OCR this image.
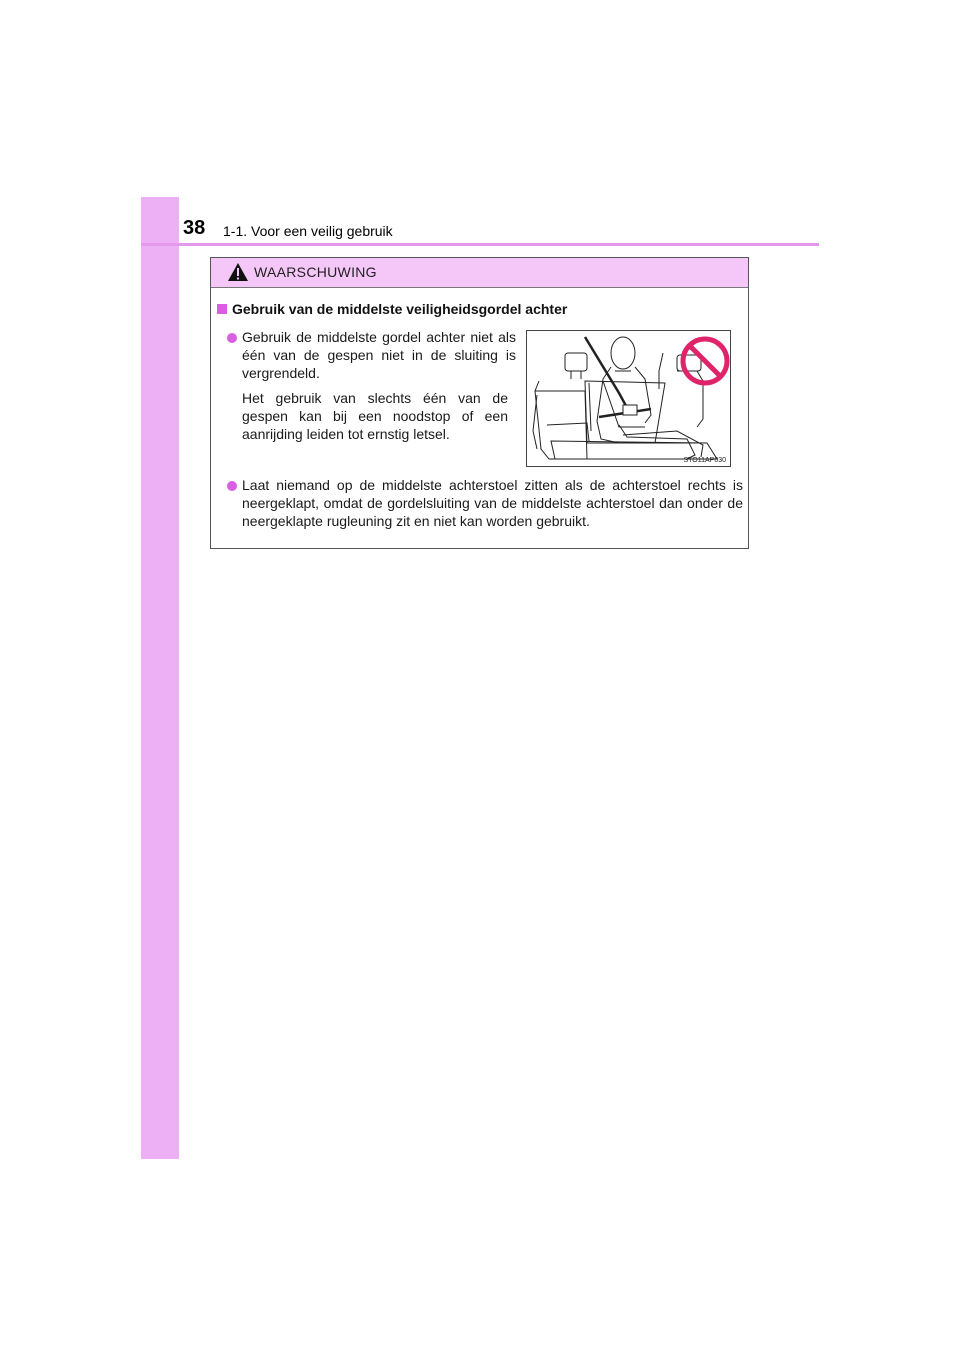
38 1-1. Voor een veilig gebruik
WAARSCHUWING
Gebruik van de middelste veiligheidsgordel achter
Gebruik de middelste gordel achter niet als één van de gespen niet in de sluiting is vergrendeld.
Het gebruik van slechts één van de gespen kan bij een noodstop of een aanrijding leiden tot ernstig letsel.
STO11AP030
Laat niemand op de middelste achterstoel zitten als de achterstoel rechts is neergeklapt, omdat de gordelsluiting van de middelste achterstoel dan onder de neergeklapte rugleuning zit en niet kan worden gebruikt.
